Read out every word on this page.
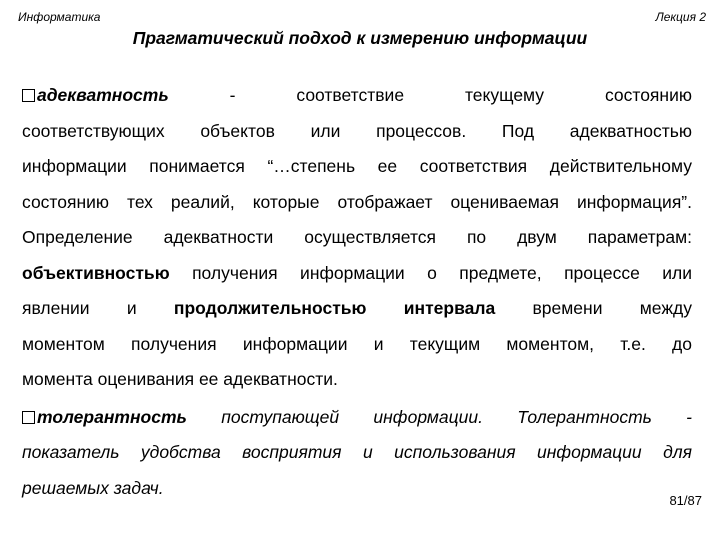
Информатика	Лекция 2
Прагматический подход к измерению информации
адекватность	-	соответствие	текущему	состоянию
соответствующих объектов или процессов. Под адекватностью
информации понимается “…степень ее соответствия действительному
состоянию тех реалий, которые отображает оцениваемая информация”.
Определение адекватности осуществляется по двум параметрам:
объективностью получения информации о предмете, процессе или
явлении и продолжительностью интервала времени между
моментом получения информации и текущим моментом, т.е. до
момента оценивания ее адекватности.
толерантность поступающей информации. Толерантность -
показатель удобства восприятия и использования информации для
решаемых задач.
81/87
